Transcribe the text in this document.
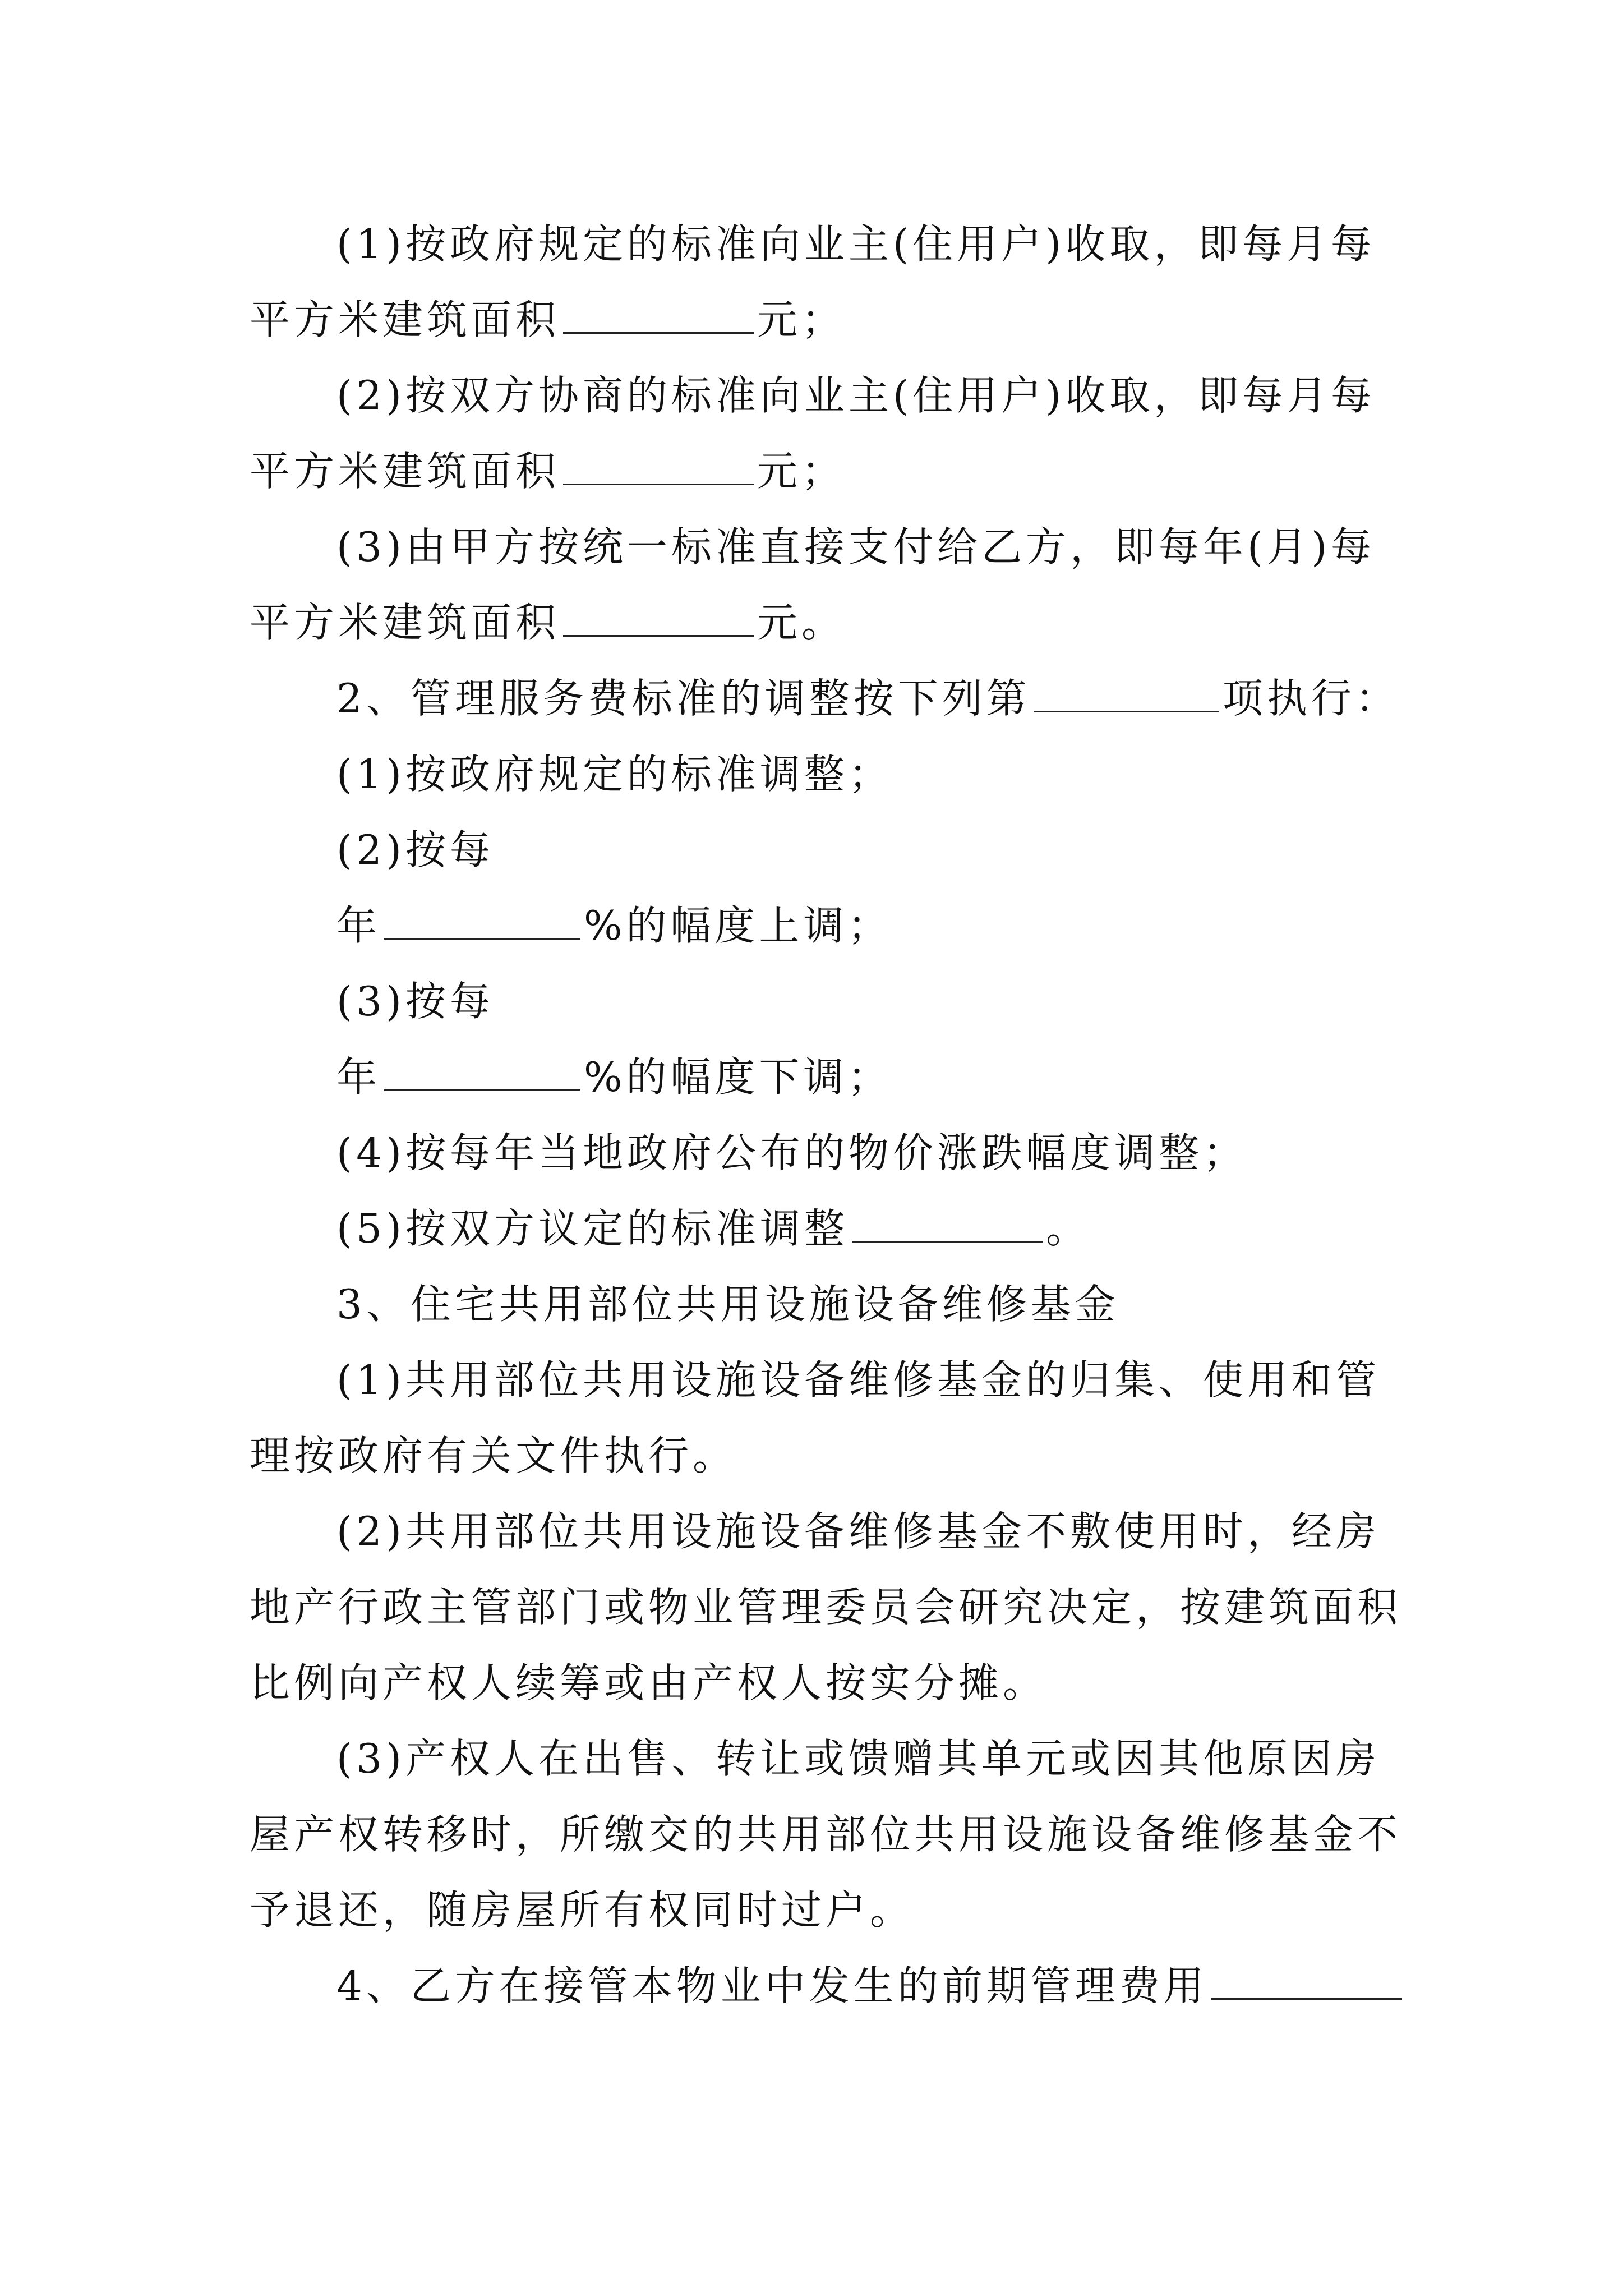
(1)按政府规定的标准向业主(住用户)收取，即每月每
平方米建筑面积	元；
(2)按双方协商的标准向业主(住用户)收取，即每月每
平方米建筑面积	元；
(3)由甲方按统一标准直接支付给乙方，即每年(月)每
平方米建筑面积	元。
2、管理服务费标准的调整按下列第	项执行：
(1)按政府规定的标准调整；
(2)按每
年	%的幅度上调；
(3)按每
年	%的幅度下调；
(4)按每年当地政府公布的物价涨跌幅度调整；
(5)按双方议定的标准调整	。
3、住宅共用部位共用设施设备维修基金
(1)共用部位共用设施设备维修基金的归集、使用和管
理按政府有关文件执行。
(2)共用部位共用设施设备维修基金不敷使用时，经房
地产行政主管部门或物业管理委员会研究决定，按建筑面积
比例向产权人续筹或由产权人按实分摊。
(3)产权人在出售、转让或馈赠其单元或因其他原因房
屋产权转移时，所缴交的共用部位共用设施设备维修基金不
予退还，随房屋所有权同时过户。
4、乙方在接管本物业中发生的前期管理费用
